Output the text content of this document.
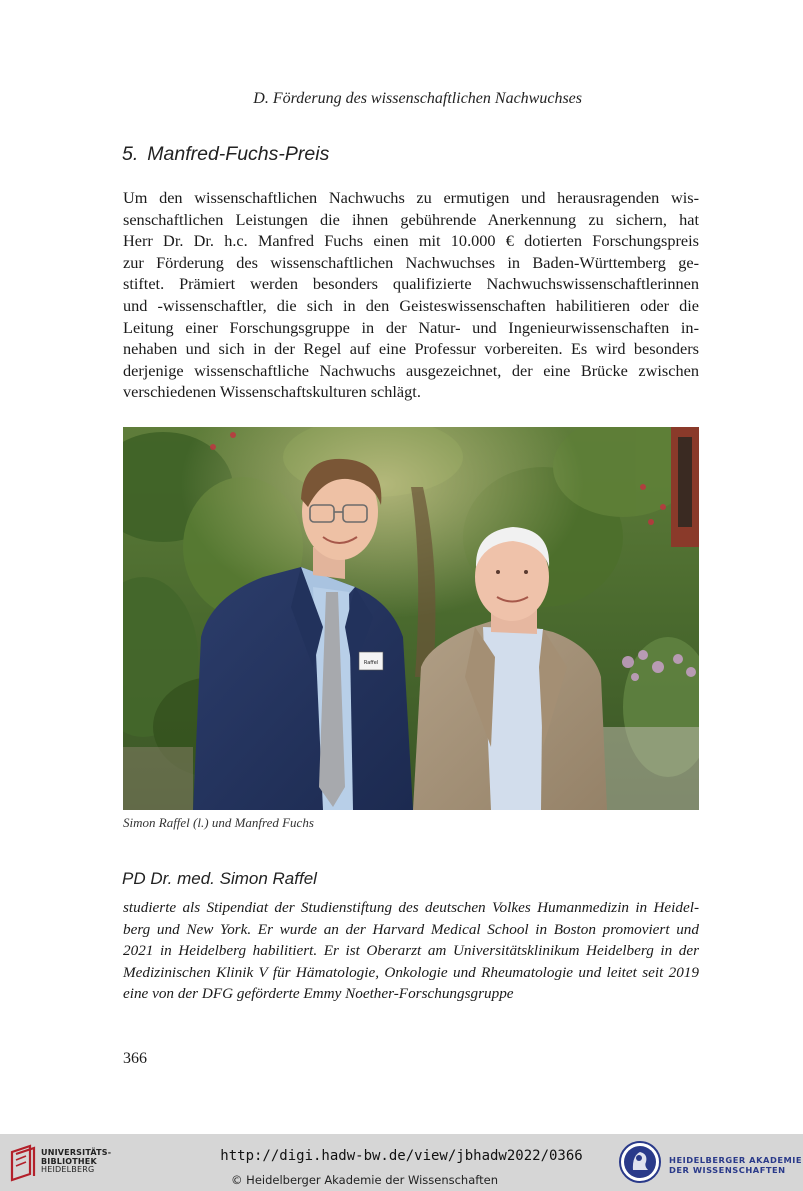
D. Förderung des wissenschaftlichen Nachwuchses
5. Manfred-Fuchs-Preis
Um den wissenschaftlichen Nachwuchs zu ermutigen und herausragenden wis-
senschaftlichen Leistungen die ihnen gebührende Anerkennung zu sichern, hat
Herr Dr. Dr. h.c. Manfred Fuchs einen mit 10.000 € dotierten Forschungspreis
zur Förderung des wissenschaftlichen Nachwuchses in Baden-Württemberg ge-
stiftet. Prämiert werden besonders qualifizierte Nachwuchswissenschaftlerinnen
und -wissenschaftler, die sich in den Geisteswissenschaften habilitieren oder die
Leitung einer Forschungsgruppe in der Natur- und Ingenieurwissenschaften in-
nehaben und sich in der Regel auf eine Professur vorbereiten. Es wird besonders
derjenige wissenschaftliche Nachwuchs ausgezeichnet, der eine Brücke zwischen
verschiedenen Wissenschaftskulturen schlägt.
Raffel
Simon Raffel (l.) und Manfred Fuchs
PD Dr. med. Simon Raffel
studierte als Stipendiat der Studienstiftung des deutschen Volkes Humanmedizin in Heidel-
berg und New York. Er wurde an der Harvard Medical School in Boston promoviert und
2021 in Heidelberg habilitiert. Er ist Oberarzt am Universitätsklinikum Heidelberg in der
Medizinischen Klinik V für Hämatologie, Onkologie und Rheumatologie und leitet seit 2019
eine von der DFG geförderte Emmy Noether-Forschungsgruppe
366
UNIVERSITÄTS-
BIBLIOTHEK
HEIDELBERG
http://digi.hadw-bw.de/view/jbhadw2022/0366
© Heidelberger Akademie der Wissenschaften
HEIDELBERGER AKADEMIE
DER WISSENSCHAFTEN
